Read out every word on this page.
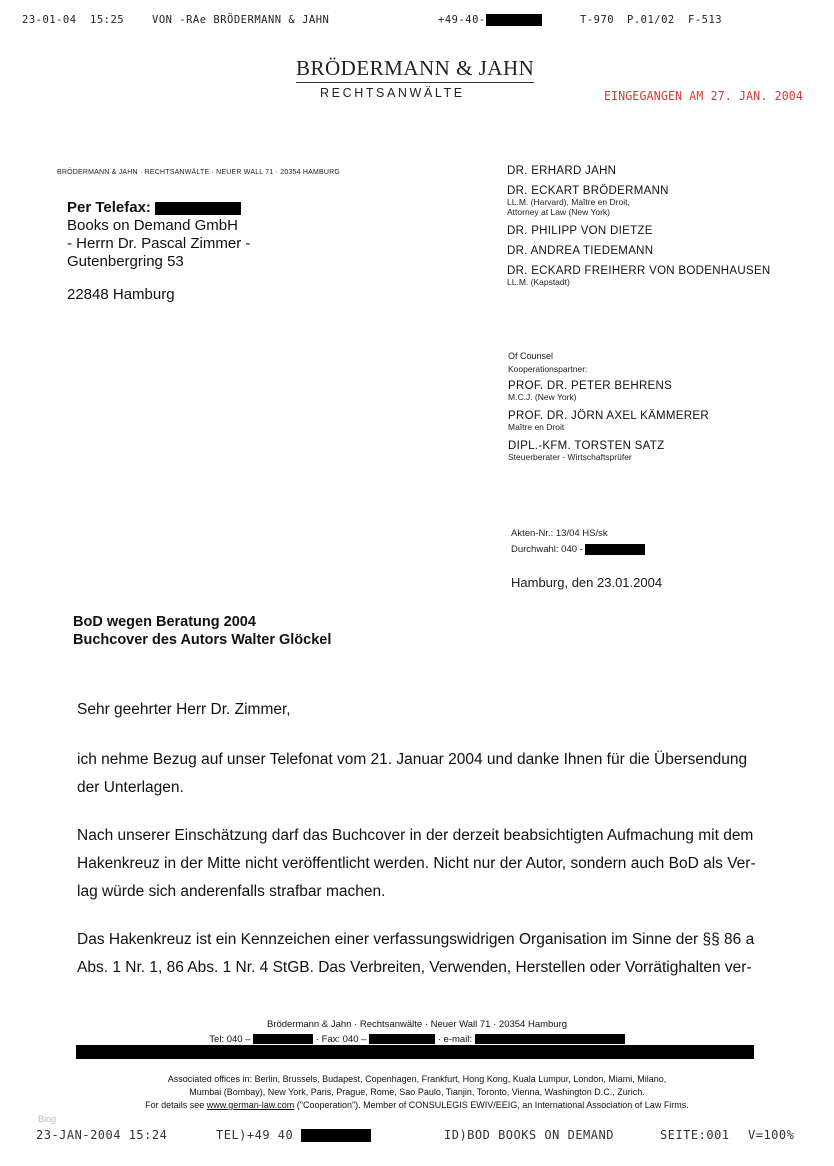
23-01-04 15:25	VON -RAe BRÖDERMANN & JAHN	+49-40-	T-970 P.01/02 F-513
BRÖDERMANN & JAHN
RECHTSANWÄLTE	EINGEGANGEN AM 27. JAN. 2004
BRÖDERMANN & JAHN · RECHTSANWÄLTE · NEUER WALL 71 · 20354 HAMBURG
Per Telefax:
Books on Demand GmbH
- Herrn Dr. Pascal Zimmer -
Gutenbergring 53
22848 Hamburg
DR. ERHARD JAHN
DR. ECKART BRÖDERMANN
LL.M. (Harvard), Maître en Droit,
Attorney at Law (New York)
DR. PHILIPP VON DIETZE
DR. ANDREA TIEDEMANN
DR. ECKARD FREIHERR VON BODENHAUSEN
LL.M. (Kapstadt)
Of Counsel
Kooperationspartner:
PROF. DR. PETER BEHRENS
M.C.J. (New York)
PROF. DR. JÖRN AXEL KÄMMERER
Maître en Droit
DIPL.-KFM. TORSTEN SATZ
Steuerberater - Wirtschaftsprüfer
Akten-Nr.: 13/04 HS/sk
Durchwahl: 040 -
Hamburg, den 23.01.2004
BoD wegen Beratung 2004
Buchcover des Autors Walter Glöckel
Sehr geehrter Herr Dr. Zimmer,
ich nehme Bezug auf unser Telefonat vom 21. Januar 2004 und danke Ihnen für die Übersendung
der Unterlagen.
Nach unserer Einschätzung darf das Buchcover in der derzeit beabsichtigten Aufmachung mit dem
Hakenkreuz in der Mitte nicht veröffentlicht werden. Nicht nur der Autor, sondern auch BoD als Ver-
lag würde sich anderenfalls strafbar machen.
Das Hakenkreuz ist ein Kennzeichen einer verfassungswidrigen Organisation im Sinne der §§ 86 a
Abs. 1 Nr. 1, 86 Abs. 1 Nr. 4 StGB. Das Verbreiten, Verwenden, Herstellen oder Vorrätighalten ver-
Brödermann & Jahn · Rechtsanwälte · Neuer Wall 71 · 20354 Hamburg
Tel: 040 –	· Fax: 040 –	· e-mail:
Associated offices in: Berlin, Brussels, Budapest, Copenhagen, Frankfurt, Hong Kong, Kuala Lumpur, London, Miami, Milano,
Mumbai (Bombay), New York, Paris, Prague, Rome, Sao Paulo, Tianjin, Toronto, Vienna, Washington D.C., Zurich.
For details see www.german-law.com ("Cooperation"). Member of CONSULEGIS EWIV/EEIG, an International Association of Law Firms.
Blog
23-JAN-2004 15:24	TEL)+49 40	ID)BOD BOOKS ON DEMAND	SEITE:001 V=100%
